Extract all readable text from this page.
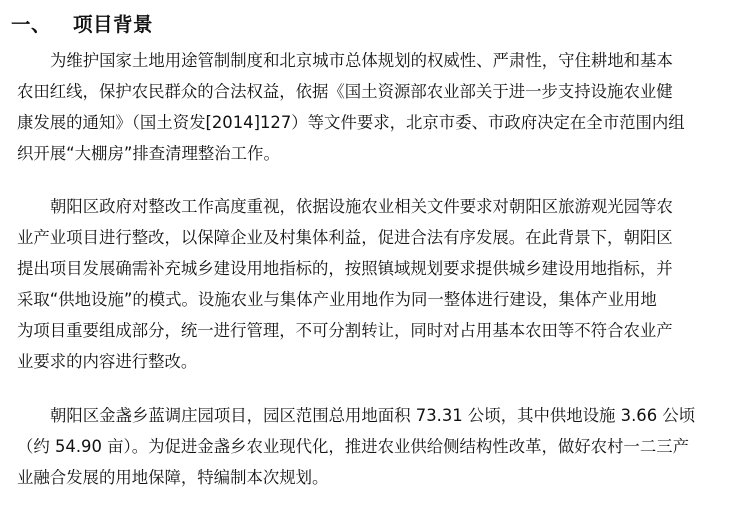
一、	项目背景
为维护国家土地用途管制制度和北京城市总体规划的权威性、严肃性，守住耕地和基本
农田红线，保护农民群众的合法权益，依据《国土资源部农业部关于进一步支持设施农业健
康发展的通知》（国土资发[2014]127）等文件要求，北京市委、市政府决定在全市范围内组
织开展“大棚房”排查清理整治工作。
朝阳区政府对整改工作高度重视，依据设施农业相关文件要求对朝阳区旅游观光园等农
业产业项目进行整改，以保障企业及村集体利益，促进合法有序发展。在此背景下，朝阳区
提出项目发展确需补充城乡建设用地指标的，按照镇域规划要求提供城乡建设用地指标，并
采取“供地设施”的模式。设施农业与集体产业用地作为同一整体进行建设，集体产业用地
为项目重要组成部分，统一进行管理，不可分割转让，同时对占用基本农田等不符合农业产
业要求的内容进行整改。
朝阳区金盏乡蓝调庄园项目，园区范围总用地面积 73.31 公顷，其中供地设施 3.66 公顷
（约 54.90 亩）。为促进金盏乡农业现代化，推进农业供给侧结构性改革，做好农村一二三产
业融合发展的用地保障，特编制本次规划。
